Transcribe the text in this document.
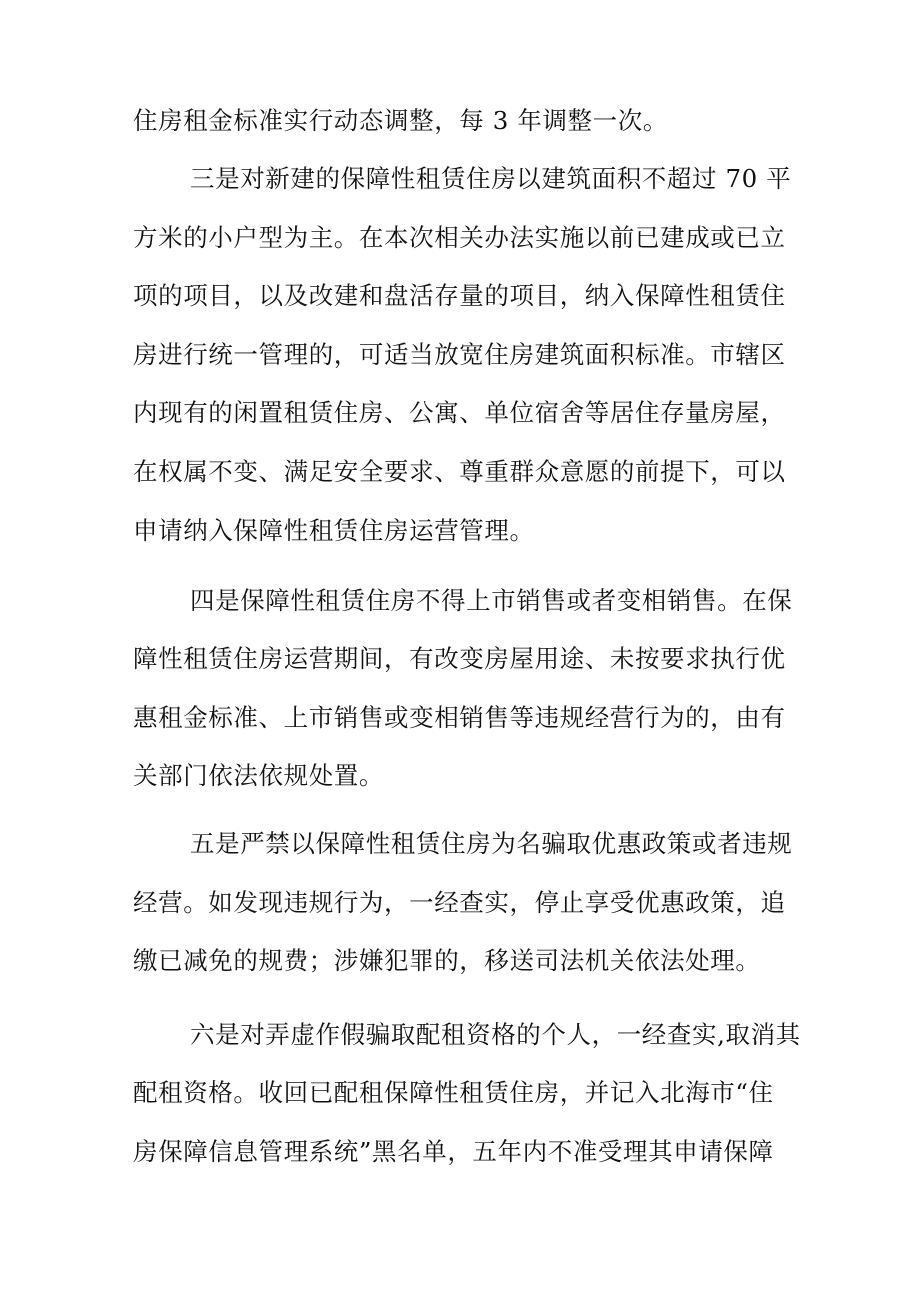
住房租金标准实行动态调整，每 3 年调整一次。
三是对新建的保障性租赁住房以建筑面积不超过 70 平
方米的小户型为主。在本次相关办法实施以前已建成或已立
项的项目，以及改建和盘活存量的项目，纳入保障性租赁住
房进行统一管理的，可适当放宽住房建筑面积标准。市辖区
内现有的闲置租赁住房、公寓、单位宿舍等居住存量房屋，
在权属不变、满足安全要求、尊重群众意愿的前提下，可以
申请纳入保障性租赁住房运营管理。
四是保障性租赁住房不得上市销售或者变相销售。在保
障性租赁住房运营期间，有改变房屋用途、未按要求执行优
惠租金标准、上市销售或变相销售等违规经营行为的，由有
关部门依法依规处置。
五是严禁以保障性租赁住房为名骗取优惠政策或者违规
经营。如发现违规行为，一经查实，停止享受优惠政策，追
缴已减免的规费；涉嫌犯罪的，移送司法机关依法处理。
六是对弄虚作假骗取配租资格的个人，一经查实,取消其
配租资格。收回已配租保障性租赁住房，并记入北海市“住
房保障信息管理系统”黑名单，五年内不准受理其申请保障
